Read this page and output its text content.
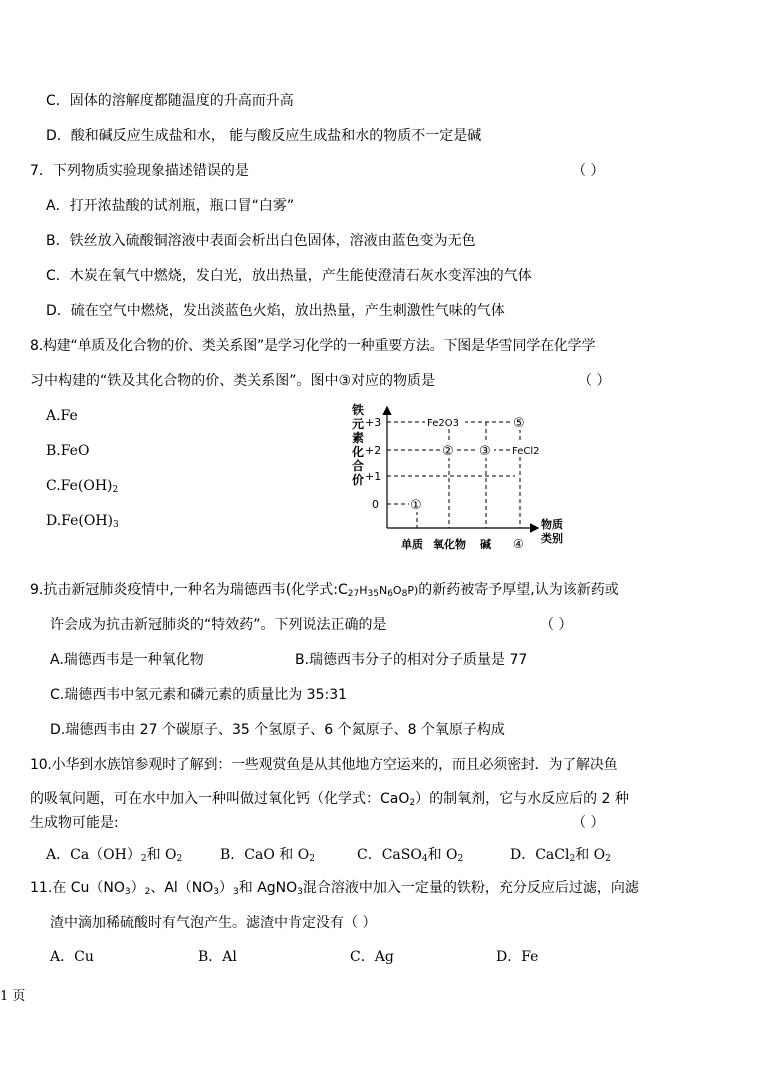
C．固体的溶解度都随温度的升高而升高
D．酸和碱反应生成盐和水， 能与酸反应生成盐和水的物质不一定是碱
7．下列物质实验现象描述错误的是	（ ）
A．打开浓盐酸的试剂瓶，瓶口冒“白雾”
B．铁丝放入硫酸铜溶液中表面会析出白色固体，溶液由蓝色变为无色
C．木炭在氧气中燃烧，发白光，放出热量，产生能使澄清石灰水变浑浊的气体
D．硫在空气中燃烧，发出淡蓝色火焰，放出热量，产生刺激性气味的气体
8.构建“单质及化合物的价、类关系图”是学习化学的一种重要方法。下图是华雪同学在化学学
习中构建的“铁及其化合物的价、类关系图”。图中③对应的物质是	（ ）
A.Fe
B.FeO
$C.Fe(OH)_2$
$D.Fe(OH)_3$
铁
元
素
化
合
价
+3
+2
+1
0
Fe2O3	⑤
② ③ FeCl2
①
物质
类别
单质 氧化物 碱 ④
9.抗击新冠肺炎疫情中,一种名为瑞德西韦(化学式$:C_{27}H_{35}N_6O_8P$)的新药被寄予厚望,认为该新药或
许会成为抗击新冠肺炎的“特效药”。下列说法正确的是	（ ）
A.瑞德西韦是一种氧化物	B.瑞德西韦分子的相对分子质量是 77
C.瑞德西韦中氢元素和磷元素的质量比为 35:31
D.瑞德西韦由 27 个碳原子、35 个氢原子、6 个氮原子、8 个氧原子构成
10.小华到水族馆参观时了解到：一些观赏鱼是从其他地方空运来的，而且必须密封．为了解决鱼
的吸氧问题，可在水中加入一种叫做过氧化钙（化学式：CaO$_2$）的制氧剂，它与水反应后的 2 种
生成物可能是:	（ ）
A．$Ca(OH)_2$和 $O_2$	B．CaO 和 $O_2$	C．CaSO$_4$和 $O_2$	D．CaCl$_2$和 $O_2$
11.在 $Cu(NO_3)_2$、$Al(NO_3)_3$和 AgNO$_3$混合溶液中加入一定量的铁粉，充分反应后过滤，向滤
渣中滴加稀硫酸时有气泡产生。滤渣中肯定没有（ ）
A．Cu	B．Al	C．Ag	D．Fe
1 页
